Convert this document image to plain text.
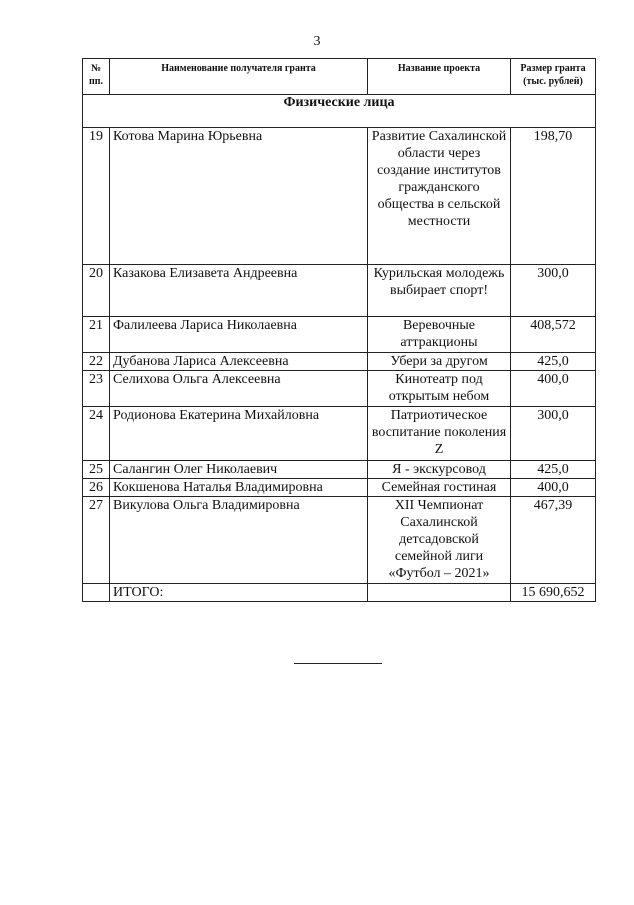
3
№ пп.	Наименование получателя гранта	Название проекта	Размер гранта (тыс. рублей)
Физические лица			
19	Котова Марина Юрьевна	Развитие Сахалинской области через создание институтов гражданского общества в сельской местности	198,70
20	Казакова Елизавета Андреевна	Курильская молодежь выбирает спорт!	300,0
21	Фалилеева Лариса Николаевна	Веревочные аттракционы	408,572
22	Дубанова Лариса Алексеевна	Убери за другом	425,0
23	Селихова Ольга Алексеевна	Кинотеатр под открытым небом	400,0
24	Родионова Екатерина Михайловна	Патриотическое воспитание поколения Z	300,0
25	Салангин Олег Николаевич	Я - экскурсовод	425,0
26	Кокшенова Наталья Владимировна	Семейная гостиная	400,0
27	Викулова Ольга Владимировна	XII Чемпионат Сахалинской детсадовской семейной лиги «Футбол – 2021»	467,39
	ИТОГО:		15 690,652
